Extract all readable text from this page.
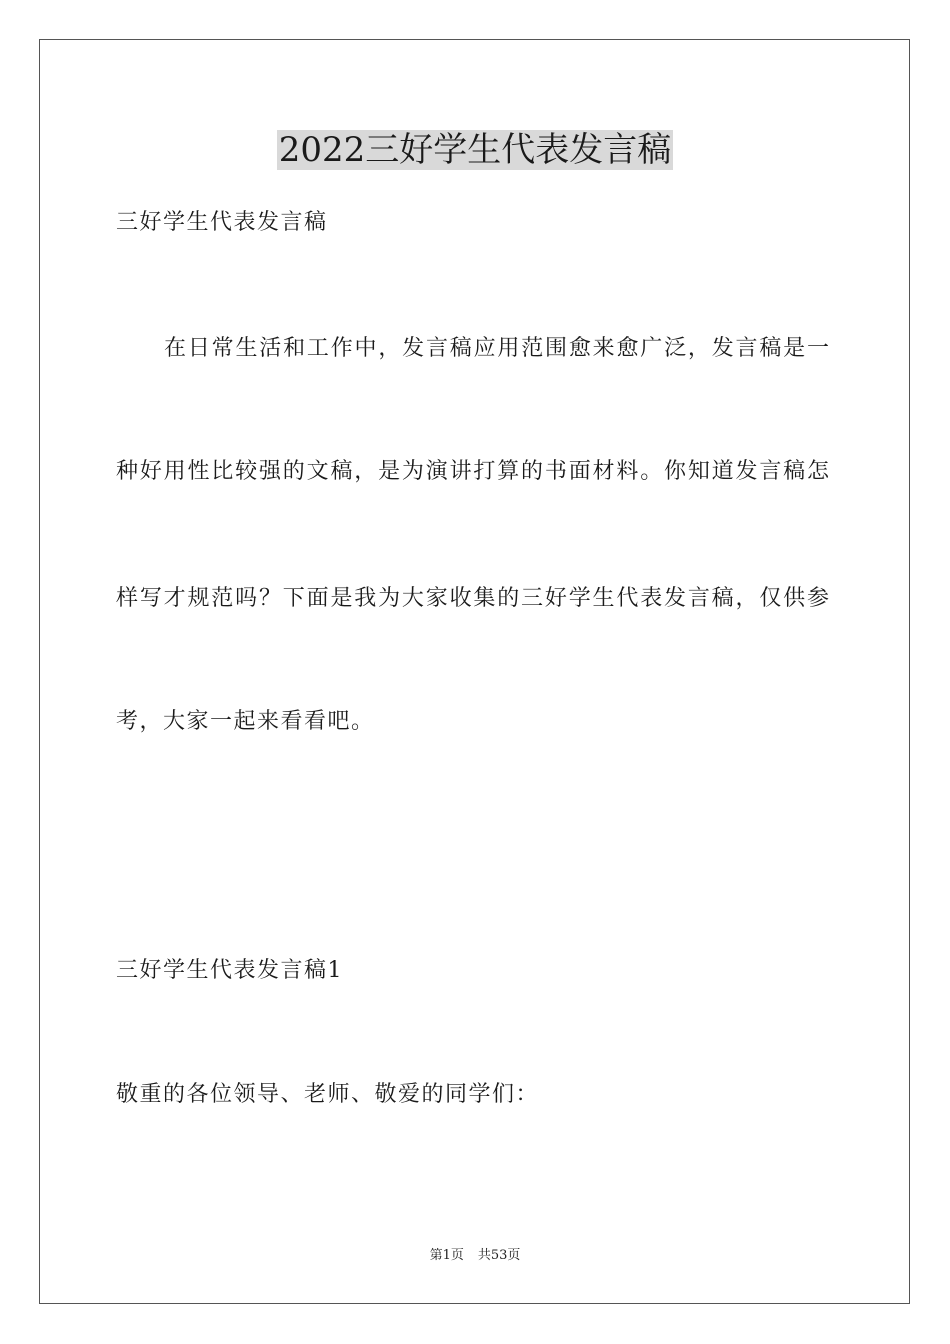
2022三好学生代表发言稿
三好学生代表发言稿
在日常生活和工作中，发言稿应用范围愈来愈广泛，发言稿是一
种好用性比较强的文稿，是为演讲打算的书面材料。你知道发言稿怎
样写才规范吗？下面是我为大家收集的三好学生代表发言稿，仅供参
考，大家一起来看看吧。
三好学生代表发言稿1
敬重的各位领导、老师、敬爱的同学们：
第1页 共53页
